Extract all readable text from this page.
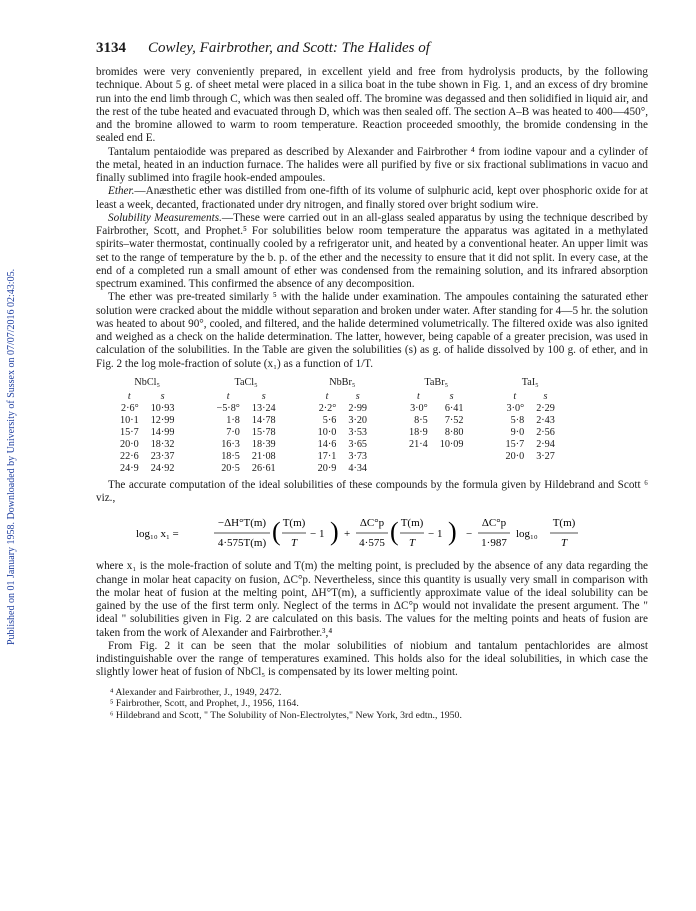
Published on 01 January 1958. Downloaded by University of Sussex on 07/07/2016 02:43:05.
3134 Cowley, Fairbrother, and Scott: The Halides of

bromides were very conveniently prepared, in excellent yield and free from hydrolysis products, by the following technique. About 5 g. of sheet metal were placed in a silica boat in the tube shown in Fig. 1, and an excess of dry bromine run into the end limb through C, which was then sealed off. The bromine was degassed and then solidified in liquid air, and the rest of the tube heated and evacuated through D, which was then sealed off. The section A–B was heated to 400—450°, and the bromine allowed to warm to room temperature. Reaction proceeded smoothly, the bromide condensing in the sealed end E.

Tantalum pentaiodide was prepared as described by Alexander and Fairbrother ⁴ from iodine vapour and a cylinder of the metal, heated in an induction furnace. The halides were all purified by five or six fractional sublimations in vacuo and finally sublimed into fragile hook-ended ampoules.

Ether.—Anæsthetic ether was distilled from one-fifth of its volume of sulphuric acid, kept over phosphoric oxide for at least a week, decanted, fractionated under dry nitrogen, and finally stored over bright sodium wire.

Solubility Measurements.—These were carried out in an all-glass sealed apparatus by using the technique described by Fairbrother, Scott, and Prophet.⁵ For solubilities below room temperature the apparatus was agitated in a methylated spirits–water thermostat, continually cooled by a refrigerator unit, and heated by a conventional heater. An upper limit was set to the range of temperature by the b. p. of the ether and the necessity to ensure that it did not split. In every case, at the end of a completed run a small amount of ether was condensed from the remaining solution, and its infrared absorption spectrum examined. This confirmed the absence of any decomposition.

The ether was pre-treated similarly ⁵ with the halide under examination. The ampoules containing the saturated ether solution were cracked about the middle without separation and broken under water. After standing for 4—5 hr. the solution was heated to about 90°, cooled, and filtered, and the halide determined volumetrically. The filtered oxide was also ignited and weighed as a check on the halide determination. The latter, however, being capable of a greater precision, was used in calculation of the solubilities. In the Table are given the solubilities (s) as g. of halide dissolved by 100 g. of ether, and in Fig. 2 the log mole-fraction of solute (x₁) as a function of 1/T.

NbCl₅			TaCl₅			NbBr₅			TaBr₅			TaI₅	
t	s		t	s		t	s		t	s		t	s
2·6°	10·93		−5·8°	13·24		2·2°	2·99		3·0°	6·41		3·0°	2·29
10·1	12·99		1·8	14·78		5·6	3·20		8·5	7·52		5·8	2·43
15·7	14·99		7·0	15·78		10·0	3·53		18·9	8·80		9·0	2·56
20·0	18·32		16·3	18·39		14·6	3·65		21·4	10·09		15·7	2·94
22·6	23·37		18·5	21·08		17·1	3·73					20·0	3·27
24·9	24·92		20·5	26·61		20·9	4·34						

The accurate computation of the ideal solubilities of these compounds by the formula given by Hildebrand and Scott ⁶ viz.,

log₁₀ x₁ =
−ΔH°T(m)
4·575T(m) ( T(m)
T
− 1 ) +
ΔC°p
4·575 ( T(m)
T
− 1 ) −
ΔC°p
1·987
log₁₀
T(m)
T

where x₁ is the mole-fraction of solute and T(m) the melting point, is precluded by the absence of any data regarding the change in molar heat capacity on fusion, ΔC°p. Nevertheless, since this quantity is usually very small in comparison with the molar heat of fusion at the melting point, ΔH°T(m), a sufficiently approximate value of the ideal solubility can be gained by the use of the first term only. Neglect of the terms in ΔC°p would not invalidate the present argument. The " ideal " solubilities given in Fig. 2 are calculated on this basis. The values for the melting points and heats of fusion are taken from the work of Alexander and Fairbrother.³,⁴

From Fig. 2 it can be seen that the molar solubilities of niobium and tantalum pentachlorides are almost indistinguishable over the range of temperatures examined. This holds also for the ideal solubilities, in which case the slightly lower heat of fusion of NbCl₅ is compensated by its lower melting point.

⁴ Alexander and Fairbrother, J., 1949, 2472.
⁵ Fairbrother, Scott, and Prophet, J., 1956, 1164.
⁶ Hildebrand and Scott, " The Solubility of Non-Electrolytes," New York, 3rd edtn., 1950.
